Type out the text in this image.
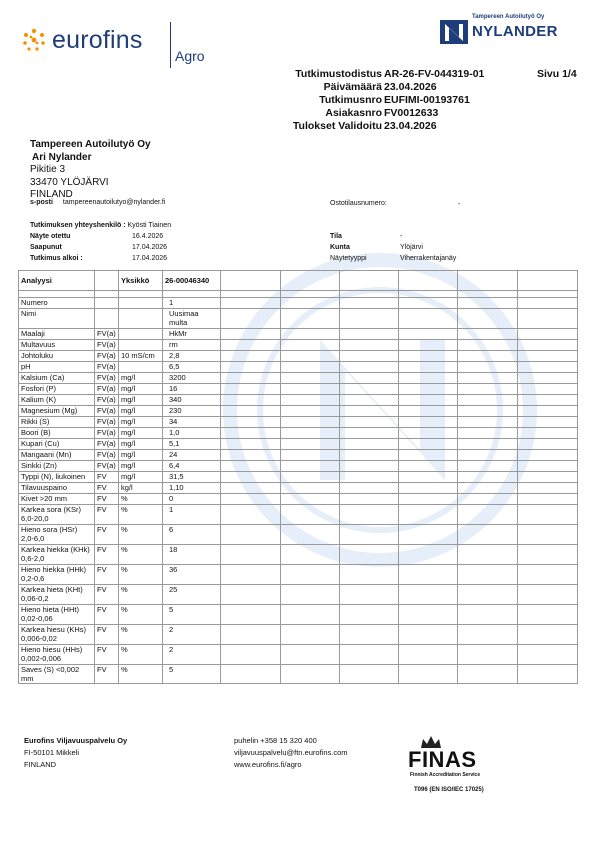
eurofins
Agro
Tampereen Autoilutyö Oy
NYLANDER
Tutkimustodistus AR-26-FV-044319-01
Päivämäärä 23.04.2026
Tutkimusnro EUFIMI-00193761
Asiakasnro FV0012633
Tulokset Validoitu 23.04.2026
Sivu 1/4
Tampereen Autoilutyö Oy
Ari Nylander
Pikitie 3
33470 YLÖJÄRVI
FINLAND
s-posti tampereenautoilutyo@nylander.fi	Ostotilausnumero:	-
Tutkimuksen yhteyshenkilö : Kyösti Tiainen
Näyte otettu	16.4.2026
Saapunut	17.04.2026
Tutkimus alkoi :	17.04.2026
Tila	-
Kunta	Ylöjärvi
Näytetyyppi	Viherrakentajanäy
Analyysi		Yksikkö	26-00046340						

Numero			1						
Nimi			Uusimaa multa						
Maalaji	FV(a)		HkMr						
Multavuus	FV(a)		rm						
Johtoluku	FV(a)	10 mS/cm	2,8						
pH	FV(a)		6,5						
Kalsium (Ca)	FV(a)	mg/l	3200						
Fosfori (P)	FV(a)	mg/l	16						
Kalium (K)	FV(a)	mg/l	340						
Magnesium (Mg)	FV(a)	mg/l	230						
Rikki (S)	FV(a)	mg/l	34						
Boori (B)	FV(a)	mg/l	1,0						
Kupari (Cu)	FV(a)	mg/l	5,1						
Mangaani (Mn)	FV(a)	mg/l	24						
Sinkki (Zn)	FV(a)	mg/l	6,4						
Typpi (N), liukoinen	FV	mg/l	31,5						
Tilavuuspaino	FV	kg/l	1,10						
Kivet >20 mm	FV	%	0						
Karkea sora (KSr) 6,0-20,0	FV	%	1						
Hieno sora (HSr) 2,0-6,0	FV	%	6						
Karkea hiekka (KHk) 0,6-2,0	FV	%	18						
Hieno hiekka (HHk) 0,2-0,6	FV	%	36						
Karkea hieta (KHt) 0,06-0,2	FV	%	25						
Hieno hieta (HHt) 0,02-0,06	FV	%	5						
Karkea hiesu (KHs) 0,006-0,02	FV	%	2						
Hieno hiesu (HHs) 0,002-0,006	FV	%	2						
Saves (S) <0,002 mm	FV	%	5						
Eurofins Viljavuuspalvelu Oy
FI-50101 Mikkeli
FINLAND
puhelin +358 15 320 400
viljavuuspalvelu@ftn.eurofins.com
www.eurofins.fi/agro	FINAS
Finnish Accreditation Service
T096 (EN ISO/IEC 17025)
